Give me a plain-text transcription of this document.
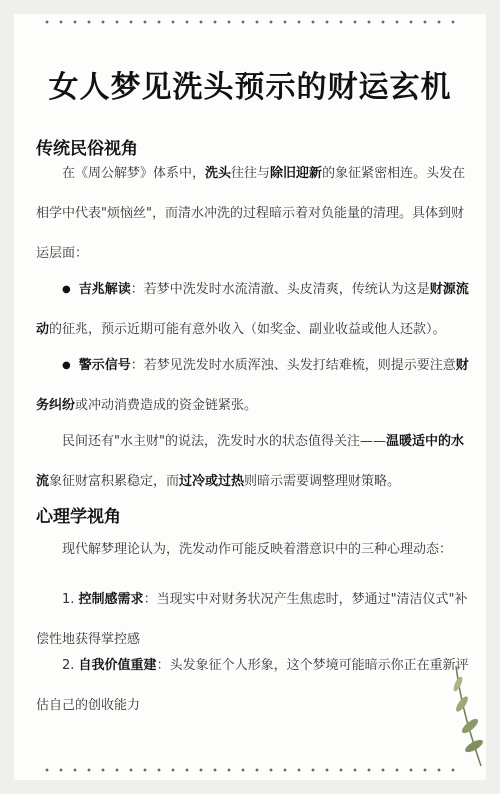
女人梦见洗头预示的财运玄机
传统民俗视角
在《周公解梦》体系中，洗头往往与除旧迎新的象征紧密相连。头发在相学中代表"烦恼丝"，而清水冲洗的过程暗示着对负能量的清理。具体到财运层面：
● 吉兆解读：若梦中洗发时水流清澈、头皮清爽，传统认为这是财源流动的征兆，预示近期可能有意外收入（如奖金、副业收益或他人还款）。
● 警示信号：若梦见洗发时水质浑浊、头发打结难梳，则提示要注意财务纠纷或冲动消费造成的资金链紧张。
民间还有"水主财"的说法，洗发时水的状态值得关注——温暖适中的水流象征财富积累稳定，而过冷或过热则暗示需要调整理财策略。
心理学视角
现代解梦理论认为，洗发动作可能反映着潜意识中的三种心理动态：
1. 控制感需求：当现实中对财务状况产生焦虑时，梦通过"清洁仪式"补偿性地获得掌控感
2. 自我价值重建：头发象征个人形象，这个梦境可能暗示你正在重新评估自己的创收能力
